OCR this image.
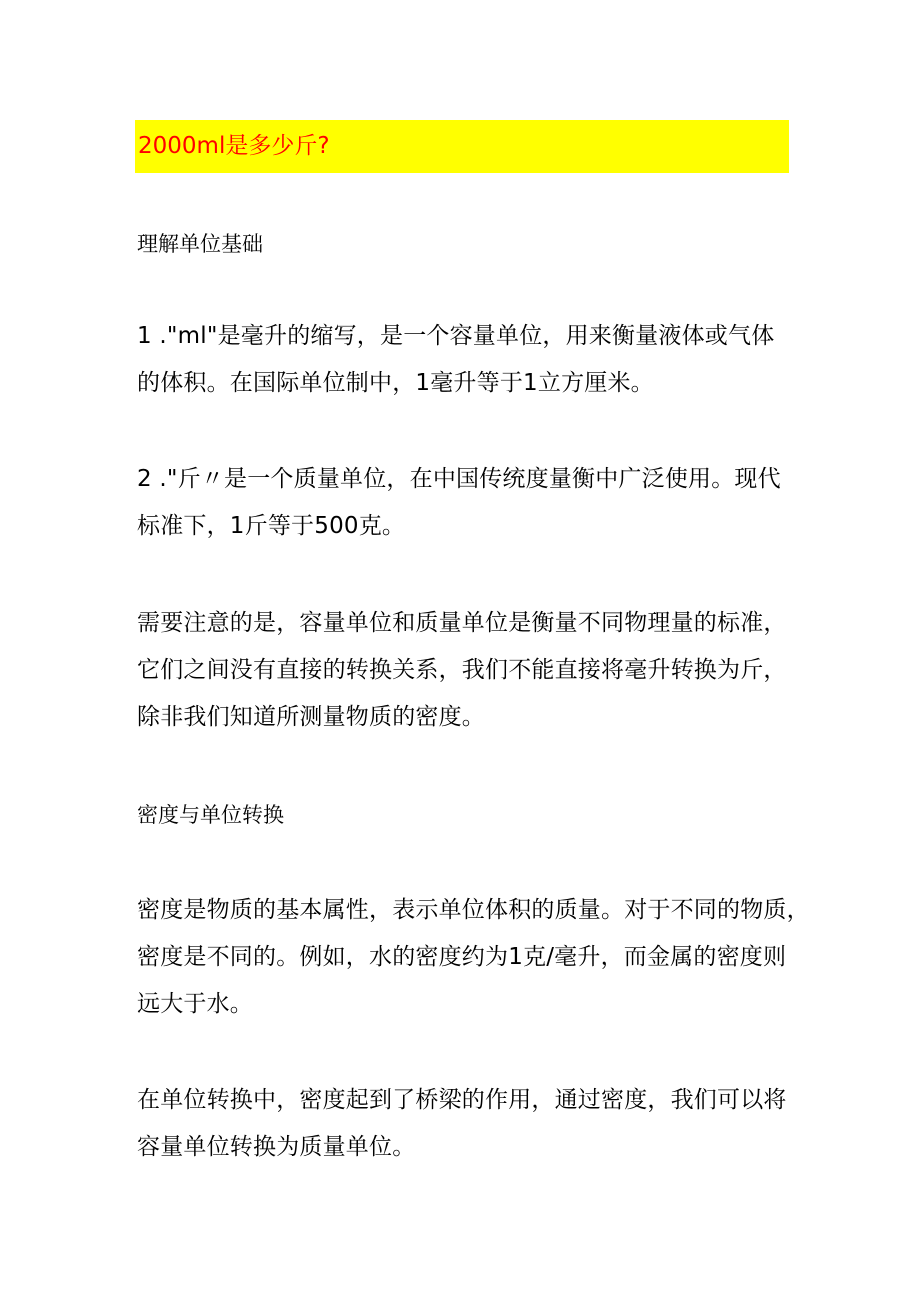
2000ml是多少斤?
理解单位基础
1 ."ml"是毫升的缩写，是一个容量单位，用来衡量液体或气体
的体积。在国际单位制中，1毫升等于1立方厘米。
2 ."斤〃是一个质量单位，在中国传统度量衡中广泛使用。现代
标准下，1斤等于500克。
需要注意的是，容量单位和质量单位是衡量不同物理量的标准，
它们之间没有直接的转换关系，我们不能直接将毫升转换为斤，
除非我们知道所测量物质的密度。
密度与单位转换
密度是物质的基本属性，表示单位体积的质量。对于不同的物质，
密度是不同的。例如，水的密度约为1克/毫升，而金属的密度则
远大于水。
在单位转换中，密度起到了桥梁的作用，通过密度，我们可以将
容量单位转换为质量单位。
